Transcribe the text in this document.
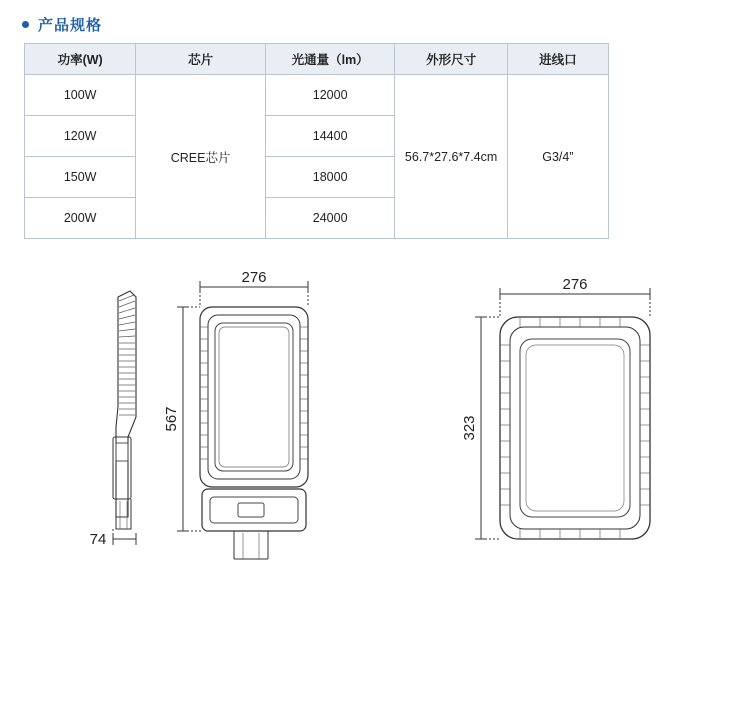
产品规格
功率(W)	芯片	光通量（lm）	外形尺寸	进线口
100W	CREE芯片	12000	56.7*27.6*7.4cm	G3/4”
120W		14400		
150W		18000		
200W		24000		
276
567
74
276
323
